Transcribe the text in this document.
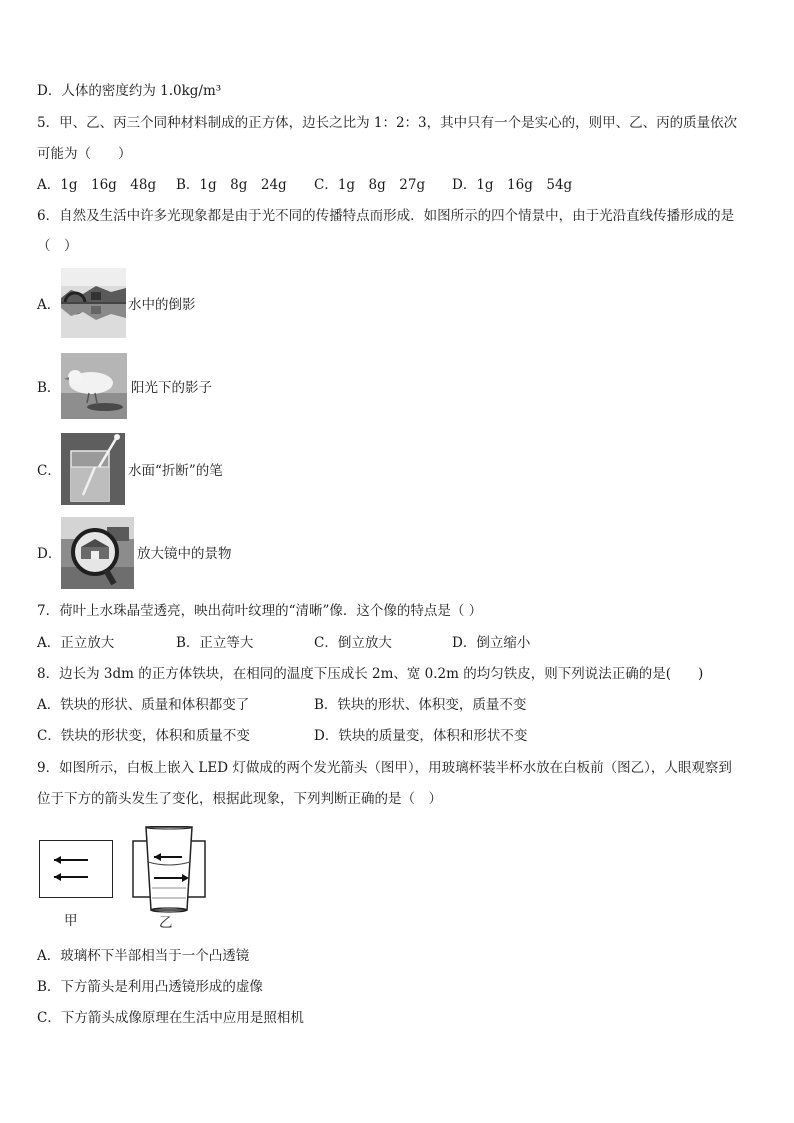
D．人体的密度约为 1.0kg/m³
5．甲、乙、丙三个同种材料制成的正方体，边长之比为 1：2：3，其中只有一个是实心的，则甲、乙、丙的质量依次
可能为（　　）
A．1g　16g　48g B．1g　8g　24g C．1g　8g　27g D．1g　16g　54g
6．自然及生活中许多光现象都是由于光不同的传播特点而形成．如图所示的四个情景中，由于光沿直线传播形成的是
（　）
A．	水中的倒影
B．	阳光下的影子
C．	水面“折断”的笔
D．	放大镜中的景物
7．荷叶上水珠晶莹透亮，映出荷叶纹理的“清晰”像．这个像的特点是（ ）
A．正立放大	B．正立等大	C．倒立放大	D．倒立缩小
8．边长为 3dm 的正方体铁块，在相同的温度下压成长 2m、宽 0.2m 的均匀铁皮，则下列说法正确的是(　　)
A．铁块的形状、质量和体积都变了	B．铁块的形状、体积变，质量不变
C．铁块的形状变，体积和质量不变	D．铁块的质量变，体积和形状不变
9．如图所示，白板上嵌入 LED 灯做成的两个发光箭头（图甲），用玻璃杯装半杯水放在白板前（图乙），人眼观察到
位于下方的箭头发生了变化，根据此现象，下列判断正确的是（　）
甲	乙
A．玻璃杯下半部相当于一个凸透镜
B．下方箭头是利用凸透镜形成的虚像
C．下方箭头成像原理在生活中应用是照相机
